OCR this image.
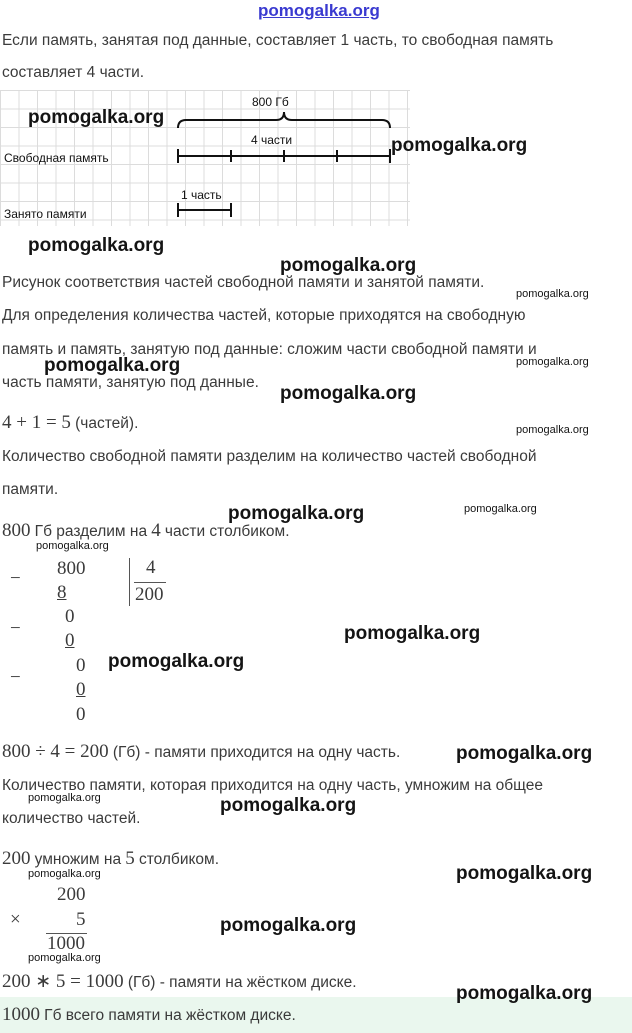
pomogalka.org
Если память, занятая под данные, составляет 1 часть, то свободная память
составляет 4 части.
800 Гб
4 части
Свободная память
1 часть
Занято памяти
Рисунок соответствия частей свободной памяти и занятой памяти.
Для определения количества частей, которые приходятся на свободную
память и память, занятую под данные: сложим части свободной памяти и
часть памяти, занятую под данные.
4 + 1 = 5 (частей).
Количество свободной памяти разделим на количество частей свободной
памяти.
800 Гб разделим на 4 части столбиком.
− 800
8
4
200
−
0
0
−
0
0
0
800 ÷ 4 = 200 (Гб) - памяти приходится на одну часть.
Количество памяти, которая приходится на одну часть, умножим на общее
количество частей.
200 умножим на 5 столбиком.
200
×	5
1000
200 ∗ 5 = 1000 (Гб) - памяти на жёстком диске.
1000 Гб всего памяти на жёстком диске.
pomogalka.org
pomogalka.org
pomogalka.org
pomogalka.org
pomogalka.org
pomogalka.org
pomogalka.org
pomogalka.org
pomogalka.org
pomogalka.org
pomogalka.org
pomogalka.org
pomogalka.org
pomogalka.org
pomogalka.org
pomogalka.org
pomogalka.org
pomogalka.org
pomogalka.org
pomogalka.org
pomogalka.org
pomogalka.org
